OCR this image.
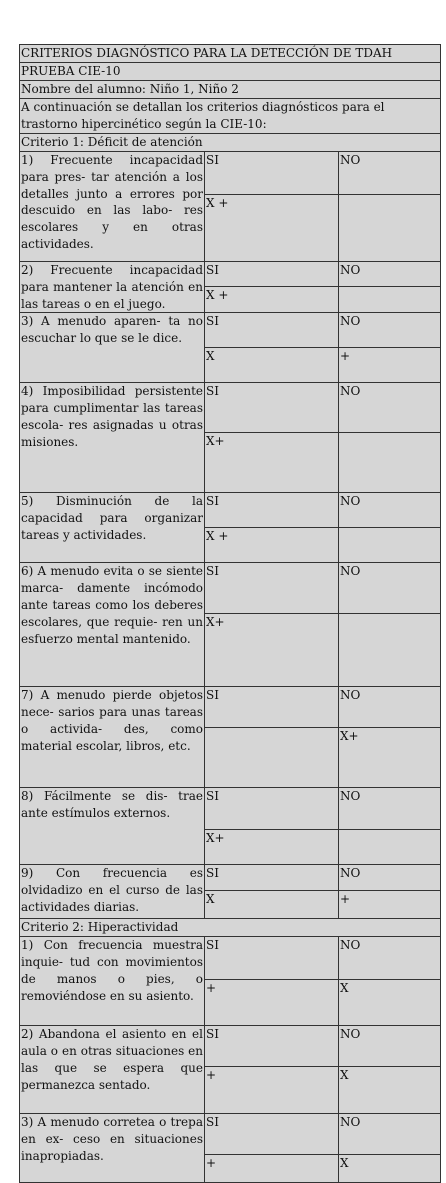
CRITERIOS DIAGNÓSTICO PARA LA DETECCIÓN DE TDAH		
PRUEBA CIE-10		
Nombre del alumno: Niño 1, Niño 2		
A continuación se detallan los criterios diagnósticos para el
trastorno hipercinético según la CIE-10:		
Criterio 1: Déficit de atención		
1) Frecuente incapacidad para pres- tar atención a los detalles junto a errores por descuido en las labo- res escolares y en otras actividades.	SI	NO
	X +	
2) Frecuente incapacidad para mantener la atención en las tareas o en el juego.	SI	NO
	X +	
3) A menudo aparen- ta no escuchar lo que se le dice.	SI	NO
	X	+
4) Imposibilidad persistente para cumplimentar las tareas escola- res asignadas u otras misiones.	SI	NO
	X+	
5) Disminución de la capacidad para organizar tareas y actividades.	SI	NO
	X +	
6) A menudo evita o se siente marca- damente incómodo ante tareas como los deberes escolares, que requie- ren un esfuerzo mental mantenido.	SI	NO
	X+	
7) A menudo pierde objetos nece- sarios para unas tareas o activida- des, como material escolar, libros, etc.	SI	NO
		X+
8) Fácilmente se dis- trae ante estímulos externos.	SI	NO
	X+	
9) Con frecuencia es olvidadizo en el curso de las actividades diarias.	SI	NO
	X	+
Criterio 2: Hiperactividad		
1) Con frecuencia muestra inquie- tud con movimientos de manos o pies, o removiéndose en su asiento.	SI	NO
	+	X
2) Abandona el asiento en el aula o en otras situaciones en las que se espera que permanezca sentado.	SI	NO
	+	X
3) A menudo corretea o trepa en ex- ceso en situaciones inapropiadas.	SI	NO
	+	X
